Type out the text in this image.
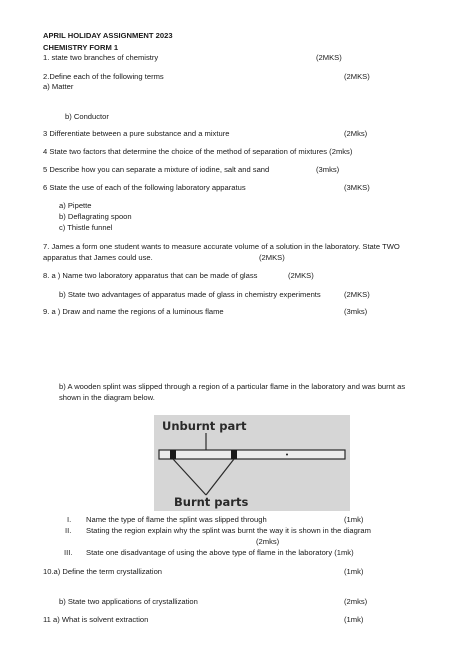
APRIL HOLIDAY ASSIGNMENT 2023
CHEMISTRY FORM 1
1. state two branches of chemistry	(2MKS)
2.Define each of the following terms	(2MKS)
a) Matter
b) Conductor
3 Differentiate between a pure substance and a mixture	(2Mks)
4 State two factors that determine the choice of the method of separation of mixtures (2mks)
5 Describe how you can separate a mixture of iodine, salt and sand	(3mks)
6 State the use of each of the following laboratory apparatus	(3MKS)
a) Pipette
b) Deflagrating spoon
c) Thistle funnel
7. James a form one student wants to measure accurate volume of a solution in the laboratory. State TWO
apparatus that James could use.	(2MKS)
8. a ) Name two laboratory apparatus that can be made of glass	(2MKS)
b) State two advantages of apparatus made of glass in chemistry experiments	(2MKS)
9. a ) Draw and name the regions of a luminous flame	(3mks)
b) A wooden splint was slipped through a region of a particular flame in the laboratory and was burnt as
shown in the diagram below.
Unburnt part
Burnt parts
I. Name the type of flame the splint was slipped through	(1mk)
II. Stating the region explain why the splint was burnt the way it is shown in the diagram
(2mks)
III. State one disadvantage of using the above type of flame in the laboratory (1mk)
10.a) Define the term crystallization	(1mk)
b) State two applications of crystallization	(2mks)
11 a) What is solvent extraction	(1mk)
